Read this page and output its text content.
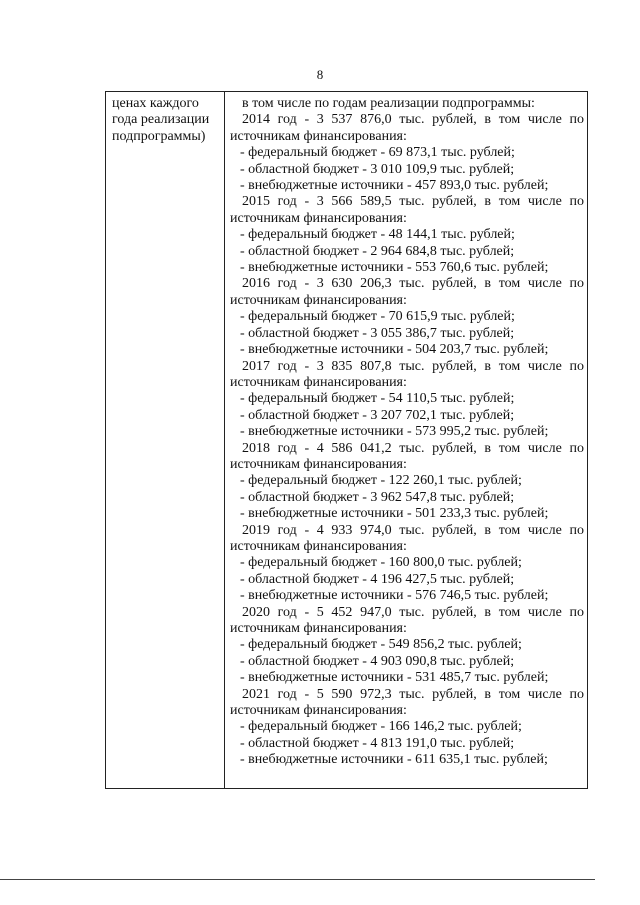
8
ценах каждого
года реализации
подпрограммы)
в том числе по годам реализации подпрограммы:
2014 год - 3 537 876,0 тыс. рублей, в том числе по
источникам финансирования:
- федеральный бюджет - 69 873,1 тыс. рублей;
- областной бюджет - 3 010 109,9 тыс. рублей;
- внебюджетные источники - 457 893,0 тыс. рублей;
2015 год - 3 566 589,5 тыс. рублей, в том числе по
источникам финансирования:
- федеральный бюджет - 48 144,1 тыс. рублей;
- областной бюджет - 2 964 684,8 тыс. рублей;
- внебюджетные источники - 553 760,6 тыс. рублей;
2016 год - 3 630 206,3 тыс. рублей, в том числе по
источникам финансирования:
- федеральный бюджет - 70 615,9 тыс. рублей;
- областной бюджет - 3 055 386,7 тыс. рублей;
- внебюджетные источники - 504 203,7 тыс. рублей;
2017 год - 3 835 807,8 тыс. рублей, в том числе по
источникам финансирования:
- федеральный бюджет - 54 110,5 тыс. рублей;
- областной бюджет - 3 207 702,1 тыс. рублей;
- внебюджетные источники - 573 995,2 тыс. рублей;
2018 год - 4 586 041,2 тыс. рублей, в том числе по
источникам финансирования:
- федеральный бюджет - 122 260,1 тыс. рублей;
- областной бюджет - 3 962 547,8 тыс. рублей;
- внебюджетные источники - 501 233,3 тыс. рублей;
2019 год - 4 933 974,0 тыс. рублей, в том числе по
источникам финансирования:
- федеральный бюджет - 160 800,0 тыс. рублей;
- областной бюджет - 4 196 427,5 тыс. рублей;
- внебюджетные источники - 576 746,5 тыс. рублей;
2020 год - 5 452 947,0 тыс. рублей, в том числе по
источникам финансирования:
- федеральный бюджет - 549 856,2 тыс. рублей;
- областной бюджет - 4 903 090,8 тыс. рублей;
- внебюджетные источники - 531 485,7 тыс. рублей;
2021 год - 5 590 972,3 тыс. рублей, в том числе по
источникам финансирования:
- федеральный бюджет - 166 146,2 тыс. рублей;
- областной бюджет - 4 813 191,0 тыс. рублей;
- внебюджетные источники - 611 635,1 тыс. рублей;
